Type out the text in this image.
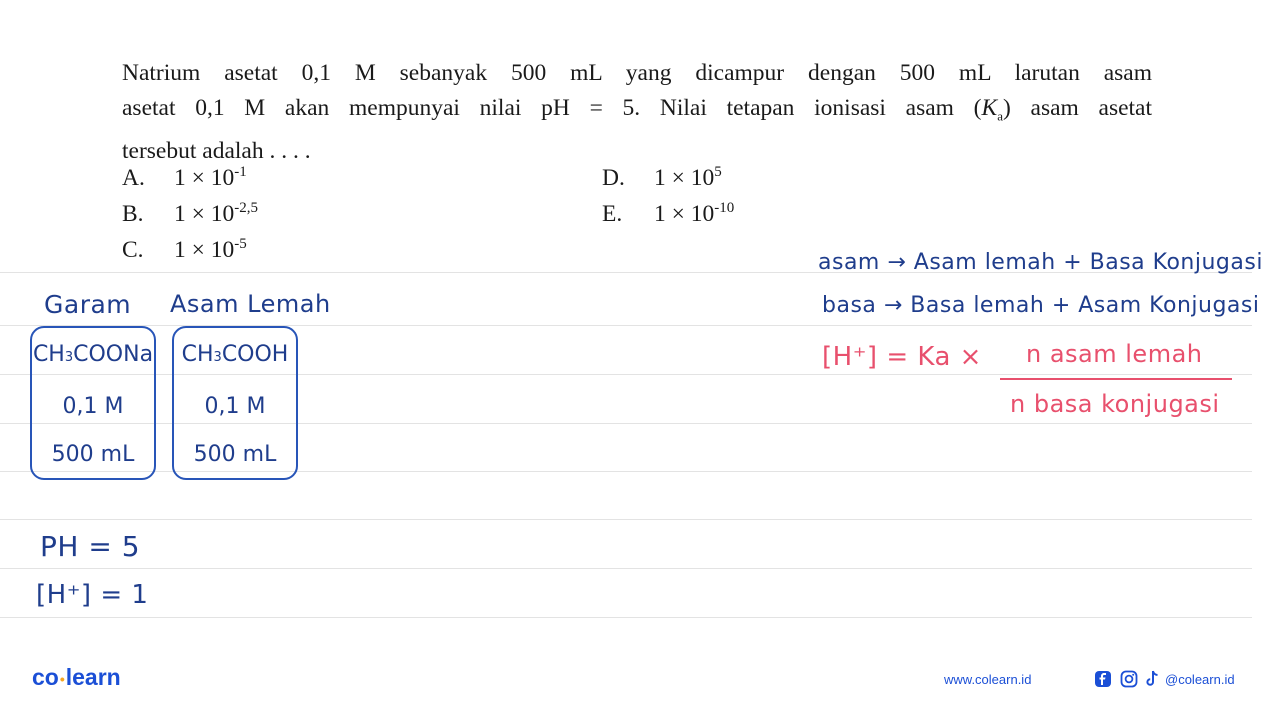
Natrium asetat 0,1 M sebanyak 500 mL yang dicampur dengan 500 mL larutan asam
asetat 0,1 M akan mempunyai nilai pH = 5. Nilai tetapan ionisasi asam $(K_a)$ asam asetat
tersebut adalah . . . .
A. $1 \times 10^{-1}$
B. $1 \times 10^{-2,5}$
C. $1 \times 10^{-5}$
D. $1 \times 10^5$
E. $1 \times 10^{-10}$
Garam Asam Lemah
CH3COONa
0,1 M
500 mL
CH3COOH
0,1 M
500 mL
asam → Asam lemah + Basa Konjugasi
basa → Basa lemah + Asam Konjugasi
[H⁺] = Ka × n asam lemah
n basa konjugasi
PH = 5
[H⁺] = 1
co•learn	www.colearn.id	@colearn.id
